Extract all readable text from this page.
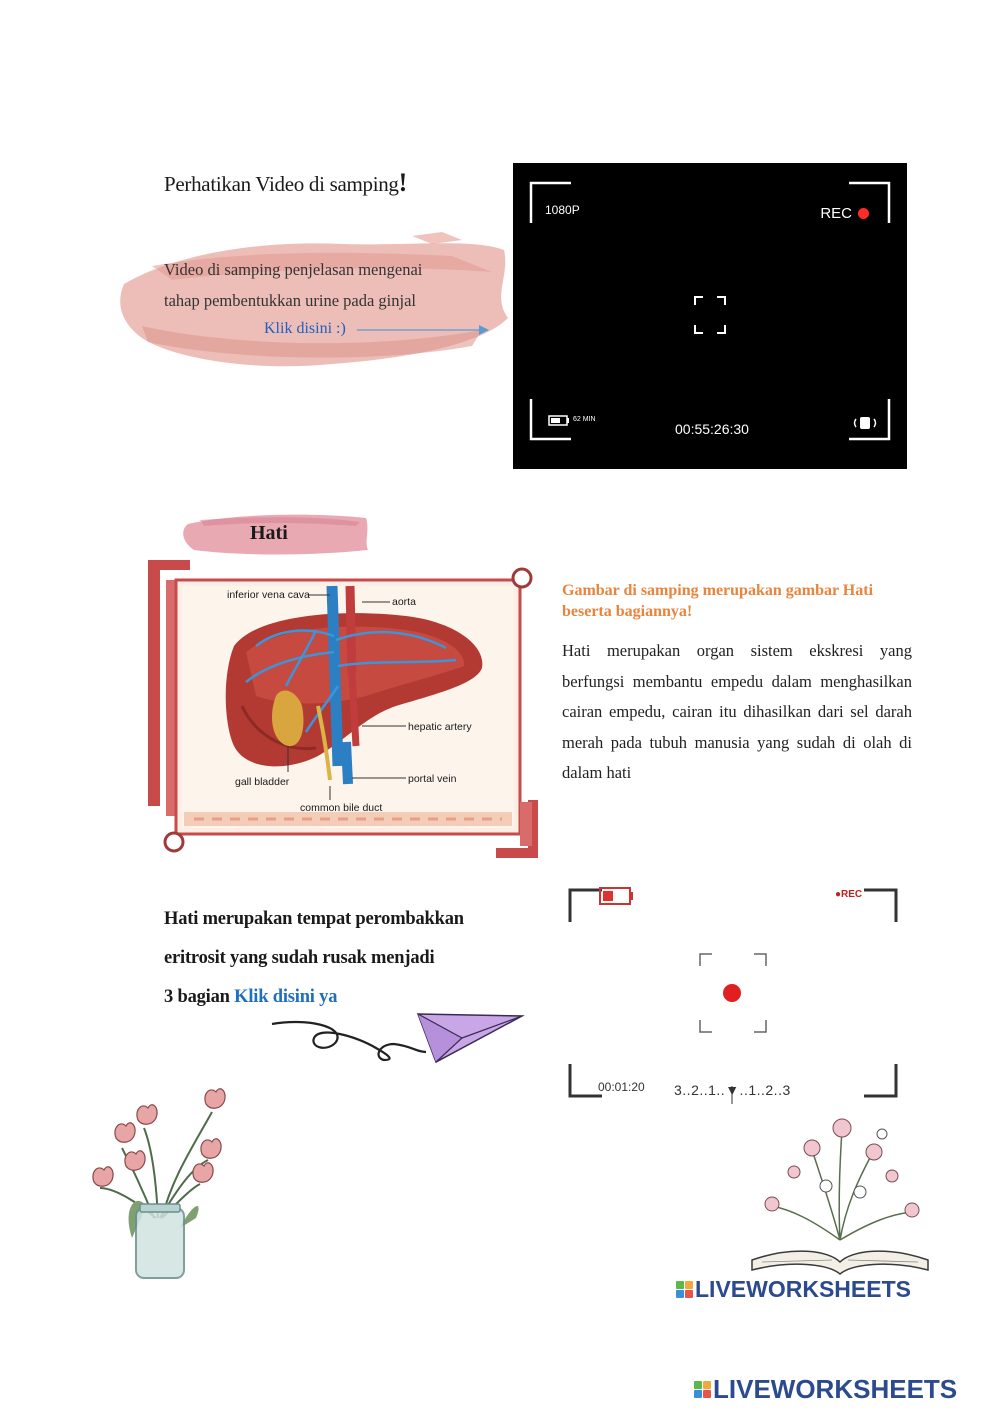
Perhatikan Video di samping!
Video di samping penjelasan mengenai
tahap pembentukkan urine pada ginjal
Klik disini :)
1080P	REC
62 MIN
00:55:26:30
Hati
inferior vena cava
aorta
hepatic artery
gall bladder	portal vein
common bile duct
Gambar di samping merupakan gambar Hati beserta bagiannya!
Hati merupakan organ sistem ekskresi yang berfungsi membantu empedu dalam menghasilkan cairan empedu, cairan itu dihasilkan dari sel darah merah pada tubuh manusia yang sudah di olah di dalam hati
Hati merupakan tempat perombakkan
eritrosit yang sudah rusak menjadi
3 bagian Klik disini ya
●REC
00:01:20 3..2..1..▼..1..2..3
LIVEWORKSHEETS
LIVEWORKSHEETS
